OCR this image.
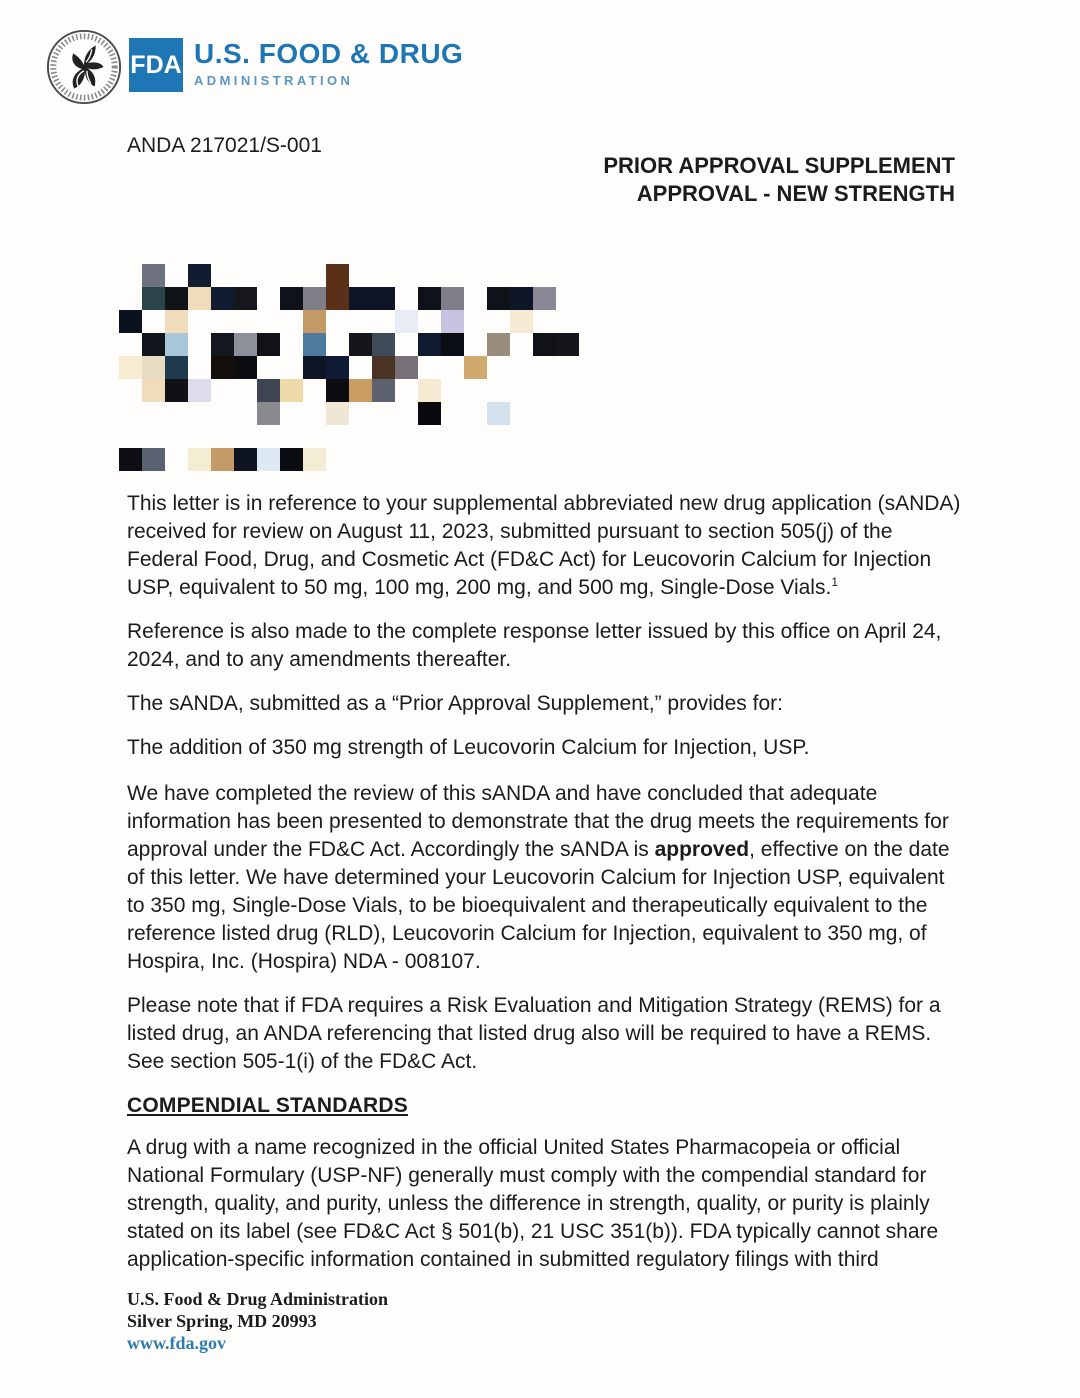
FDA U.S. FOOD & DRUG
ADMINISTRATION
ANDA 217021/S-001
PRIOR APPROVAL SUPPLEMENT
APPROVAL - NEW STRENGTH

This letter is in reference to your supplemental abbreviated new drug application (sANDA) received for review on August 11, 2023, submitted pursuant to section 505(j) of the Federal Food, Drug, and Cosmetic Act (FD&C Act) for Leucovorin Calcium for Injection USP, equivalent to 50 mg, 100 mg, 200 mg, and 500 mg, Single-Dose Vials.$^1$

Reference is also made to the complete response letter issued by this office on April 24, 2024, and to any amendments thereafter.

The sANDA, submitted as a “Prior Approval Supplement,” provides for:

The addition of 350 mg strength of Leucovorin Calcium for Injection, USP.

We have completed the review of this sANDA and have concluded that adequate information has been presented to demonstrate that the drug meets the requirements for approval under the FD&C Act. Accordingly the sANDA is approved, effective on the date of this letter. We have determined your Leucovorin Calcium for Injection USP, equivalent to 350 mg, Single-Dose Vials, to be bioequivalent and therapeutically equivalent to the reference listed drug (RLD), Leucovorin Calcium for Injection, equivalent to 350 mg, of Hospira, Inc. (Hospira) NDA - 008107.

Please note that if FDA requires a Risk Evaluation and Mitigation Strategy (REMS) for a listed drug, an ANDA referencing that listed drug also will be required to have a REMS. See section 505-1(i) of the FD&C Act.

COMPENDIAL STANDARDS

A drug with a name recognized in the official United States Pharmacopeia or official National Formulary (USP-NF) generally must comply with the compendial standard for strength, quality, and purity, unless the difference in strength, quality, or purity is plainly stated on its label (see FD&C Act § 501(b), 21 USC 351(b)). FDA typically cannot share application-specific information contained in submitted regulatory filings with third

U.S. Food & Drug Administration
Silver Spring, MD 20993
www.fda.gov
